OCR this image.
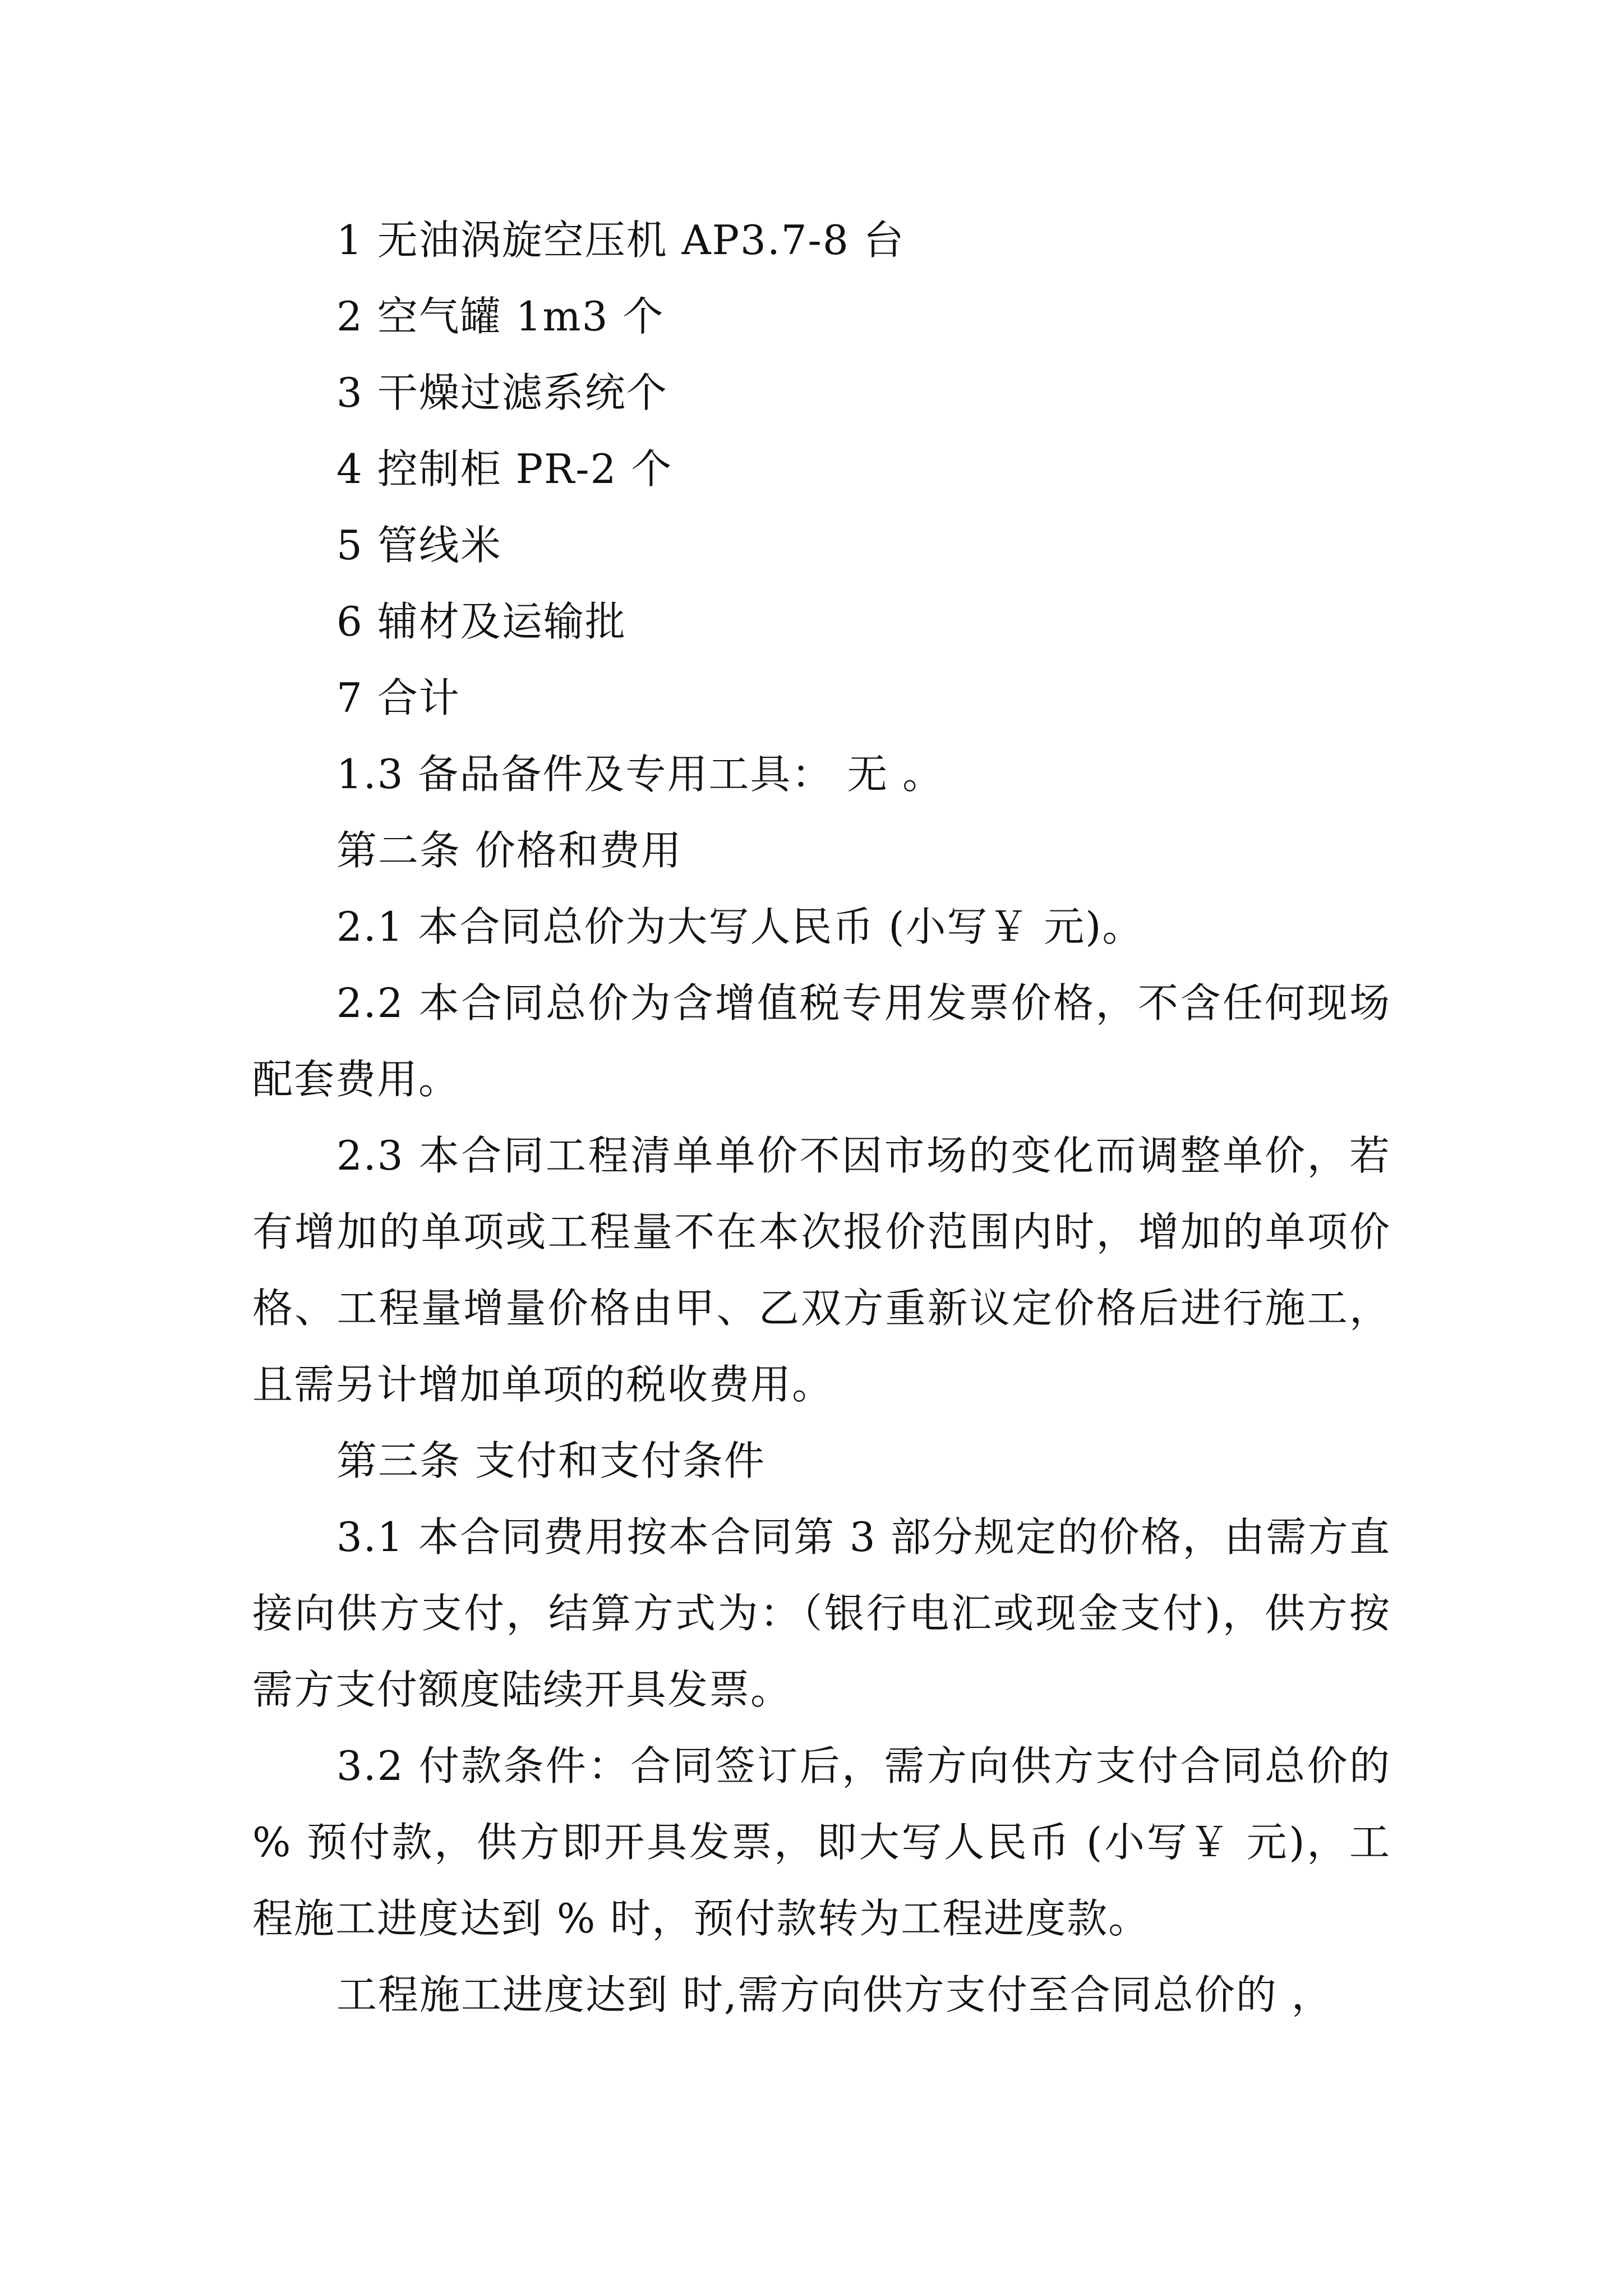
1 无油涡旋空压机 AP3.7-8 台
2 空气罐 1m3 个
3 干燥过滤系统个
4 控制柜 PR-2 个
5 管线米
6 辅材及运输批
7 合计
1.3 备品备件及专用工具： 无 。
第二条 价格和费用
2.1 本合同总价为大写人民币 (小写￥ 元)。
2.2 本合同总价为含增值税专用发票价格，不含任何现场配套费用。
2.3 本合同工程清单单价不因市场的变化而调整单价，若有增加的单项或工程量不在本次报价范围内时，增加的单项价格、工程量增量价格由甲、乙双方重新议定价格后进行施工，且需另计增加单项的税收费用。
第三条 支付和支付条件
3.1 本合同费用按本合同第 3 部分规定的价格，由需方直接向供方支付，结算方式为：（银行电汇或现金支付)，供方按需方支付额度陆续开具发票。
3.2 付款条件：合同签订后，需方向供方支付合同总价的 % 预付款，供方即开具发票，即大写人民币 (小写￥ 元)，工程施工进度达到 % 时，预付款转为工程进度款。
工程施工进度达到 时,需方向供方支付至合同总价的 ，
